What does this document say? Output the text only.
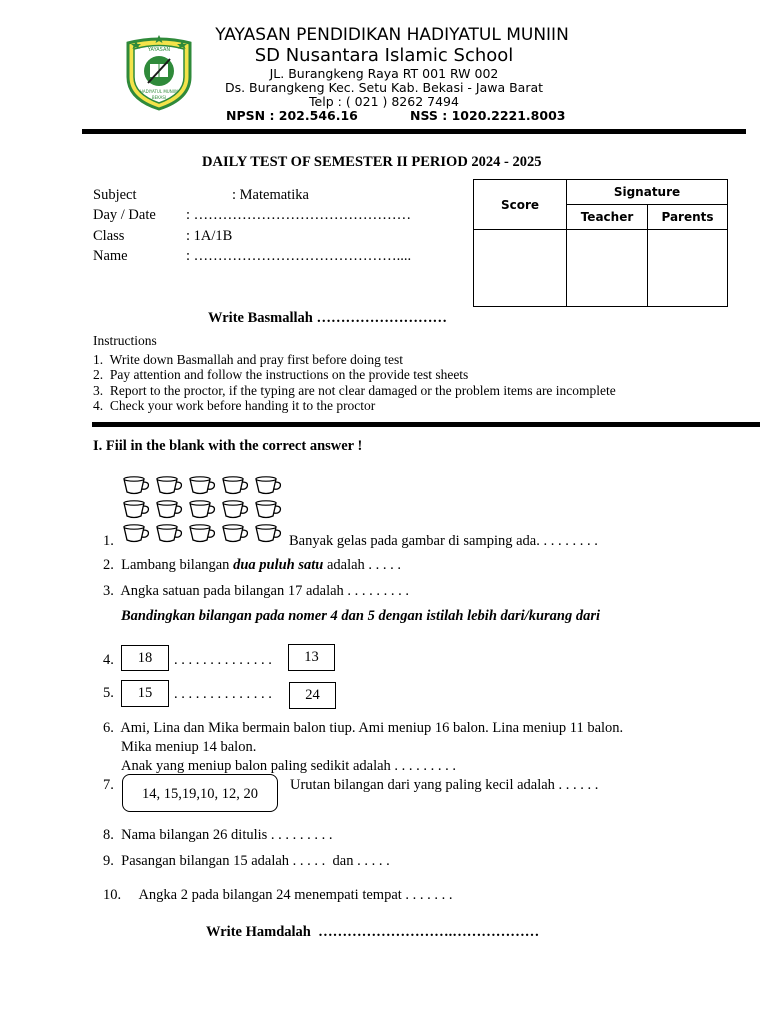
YAYASAN
HADIYATUL MUNIIN
BEKASI
YAYASAN PENDIDIKAN HADIYATUL MUNIIN
SD Nusantara Islamic School
JL. Burangkeng Raya RT 001 RW 002
Ds. Burangkeng Kec. Setu Kab. Bekasi - Jawa Barat
Telp : ( 021 ) 8262 7494
NPSN : 202.546.16	NSS : 1020.2221.8003
DAILY TEST OF SEMESTER II PERIOD 2024 - 2025
Subject	: Matematika
Day / Date : ………………………………………
Class	: 1A/1B
Name	: ……………………………………....
Score	Signature	
	Teacher	Parents

Write Basmallah ………………………
Instructions
1.  Write down Basmallah and pray first before doing test
2.  Pay attention and follow the instructions on the provide test sheets
3.  Report to the proctor, if the typing are not clear damaged or the problem items are incomplete
4.  Check your work before handing it to the proctor
I. Fiil in the blank with the correct answer !
1.	Banyak gelas pada gambar di samping ada. . . . . . . . .
2.  Lambang bilangan dua puluh satu adalah . . . . .
3.  Angka satuan pada bilangan 17 adalah . . . . . . . . .
Bandingkan bilangan pada nomer 4 dan 5 dengan istilah lebih dari/kurang dari
4.	18	. . . . . . . . . . . . . .	13
5.	15	. . . . . . . . . . . . . .	24
6.  Ami, Lina dan Mika bermain balon tiup. Ami meniup 16 balon. Lina meniup 11 balon.
Mika meniup 14 balon.
Anak yang meniup balon paling sedikit adalah . . . . . . . . .
7.
14, 15,19,10, 12, 20
Urutan bilangan dari yang paling kecil adalah . . . . . .
8.  Nama bilangan 26 ditulis . . . . . . . . .
9.  Pasangan bilangan 15 adalah . . . . .  dan . . . . .
10.     Angka 2 pada bilangan 24 menempati tempat . . . . . . .
Write Hamdalah  ……………………….………………
